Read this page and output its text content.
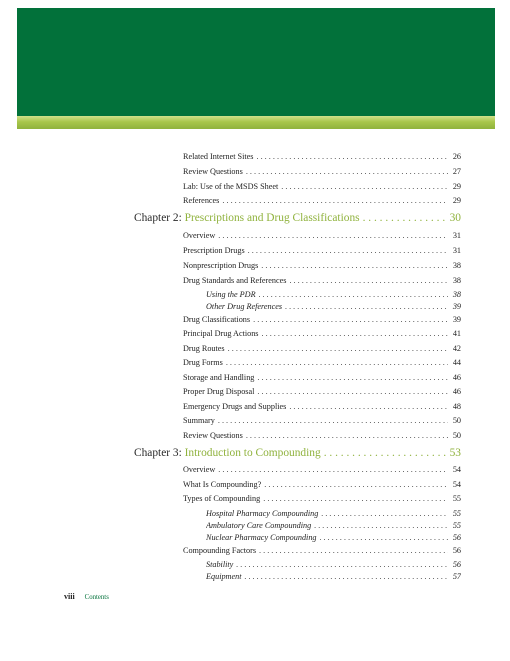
Related Internet Sites . . .	26
Review Questions . . .	27
Lab: Use of the MSDS Sheet . . .	29
References . . .	29
Chapter 2: Prescriptions and Drug Classifications . . .	30
Overview . . .	31
Prescription Drugs . . .	31
Nonprescription Drugs . . .	38
Drug Standards and References . . .	38
Using the PDR . . .	38
Other Drug References . . .	39
Drug Classifications . . .	39
Principal Drug Actions . . .	41
Drug Routes . . .	42
Drug Forms . . .	44
Storage and Handling . . .	46
Proper Drug Disposal . . .	46
Emergency Drugs and Supplies . . .	48
Summary . . .	50
Review Questions . . .	50
Chapter 3: Introduction to Compounding . . .	53
Overview . . .	54
What Is Compounding? . . .	54
Types of Compounding . . .	55
Hospital Pharmacy Compounding . . .	55
Ambulatory Care Compounding . . .	55
Nuclear Pharmacy Compounding . . .	56
Compounding Factors . . .	56
Stability . . .	56
Equipment . . .	57
viii Contents
